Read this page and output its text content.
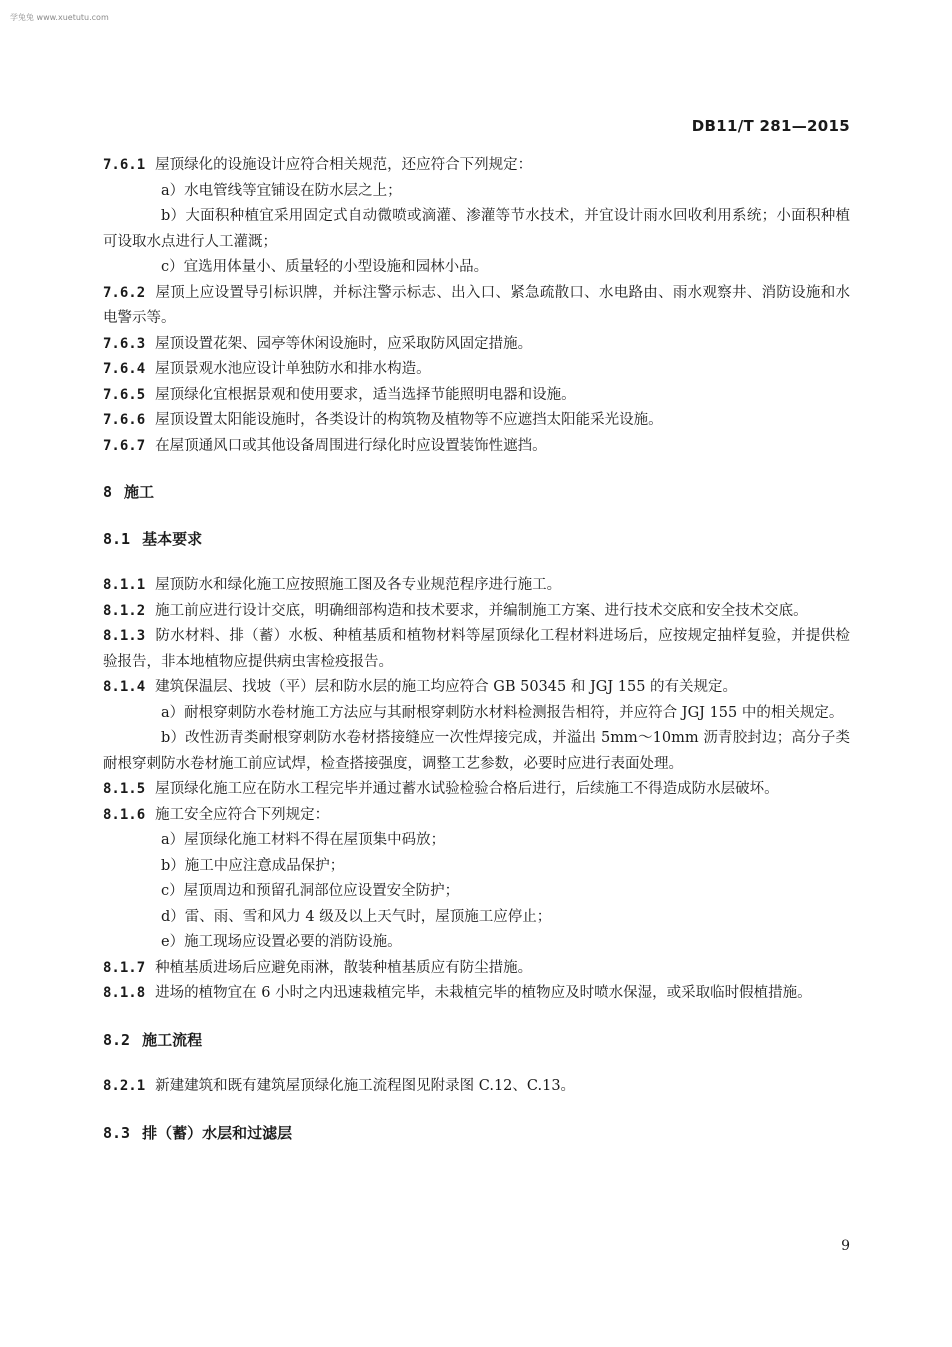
学兔兔 www.xuetutu.com
DB11/T 281—2015

7.6.1 屋顶绿化的设施设计应符合相关规范，还应符合下列规定：

a）水电管线等宜铺设在防水层之上；

b）大面积种植宜采用固定式自动微喷或滴灌、渗灌等节水技术，并宜设计雨水回收利用系统；小面积种植可设取水点进行人工灌溉；

c）宜选用体量小、质量轻的小型设施和园林小品。

7.6.2 屋顶上应设置导引标识牌，并标注警示标志、出入口、紧急疏散口、水电路由、雨水观察井、消防设施和水电警示等。

7.6.3 屋顶设置花架、园亭等休闲设施时，应采取防风固定措施。

7.6.4 屋顶景观水池应设计单独防水和排水构造。

7.6.5 屋顶绿化宜根据景观和使用要求，适当选择节能照明电器和设施。

7.6.6 屋顶设置太阳能设施时，各类设计的构筑物及植物等不应遮挡太阳能采光设施。

7.6.7 在屋顶通风口或其他设备周围进行绿化时应设置装饰性遮挡。

8 施工

8.1 基本要求

8.1.1 屋顶防水和绿化施工应按照施工图及各专业规范程序进行施工。

8.1.2 施工前应进行设计交底，明确细部构造和技术要求，并编制施工方案、进行技术交底和安全技术交底。

8.1.3 防水材料、排（蓄）水板、种植基质和植物材料等屋顶绿化工程材料进场后，应按规定抽样复验，并提供检验报告，非本地植物应提供病虫害检疫报告。

8.1.4 建筑保温层、找坡（平）层和防水层的施工均应符合 GB 50345 和 JGJ 155 的有关规定。

a）耐根穿刺防水卷材施工方法应与其耐根穿刺防水材料检测报告相符，并应符合 JGJ 155 中的相关规定。

b）改性沥青类耐根穿刺防水卷材搭接缝应一次性焊接完成，并溢出 5mm～10mm 沥青胶封边；高分子类耐根穿刺防水卷材施工前应试焊，检查搭接强度，调整工艺参数，必要时应进行表面处理。

8.1.5 屋顶绿化施工应在防水工程完毕并通过蓄水试验检验合格后进行，后续施工不得造成防水层破坏。

8.1.6 施工安全应符合下列规定：

a）屋顶绿化施工材料不得在屋顶集中码放；

b）施工中应注意成品保护；

c）屋顶周边和预留孔洞部位应设置安全防护；

d）雷、雨、雪和风力 4 级及以上天气时，屋顶施工应停止；

e）施工现场应设置必要的消防设施。

8.1.7 种植基质进场后应避免雨淋，散装种植基质应有防尘措施。

8.1.8 进场的植物宜在 6 小时之内迅速栽植完毕，未栽植完毕的植物应及时喷水保湿，或采取临时假植措施。

8.2 施工流程

8.2.1 新建建筑和既有建筑屋顶绿化施工流程图见附录图 C.12、C.13。

8.3 排（蓄）水层和过滤层

9
